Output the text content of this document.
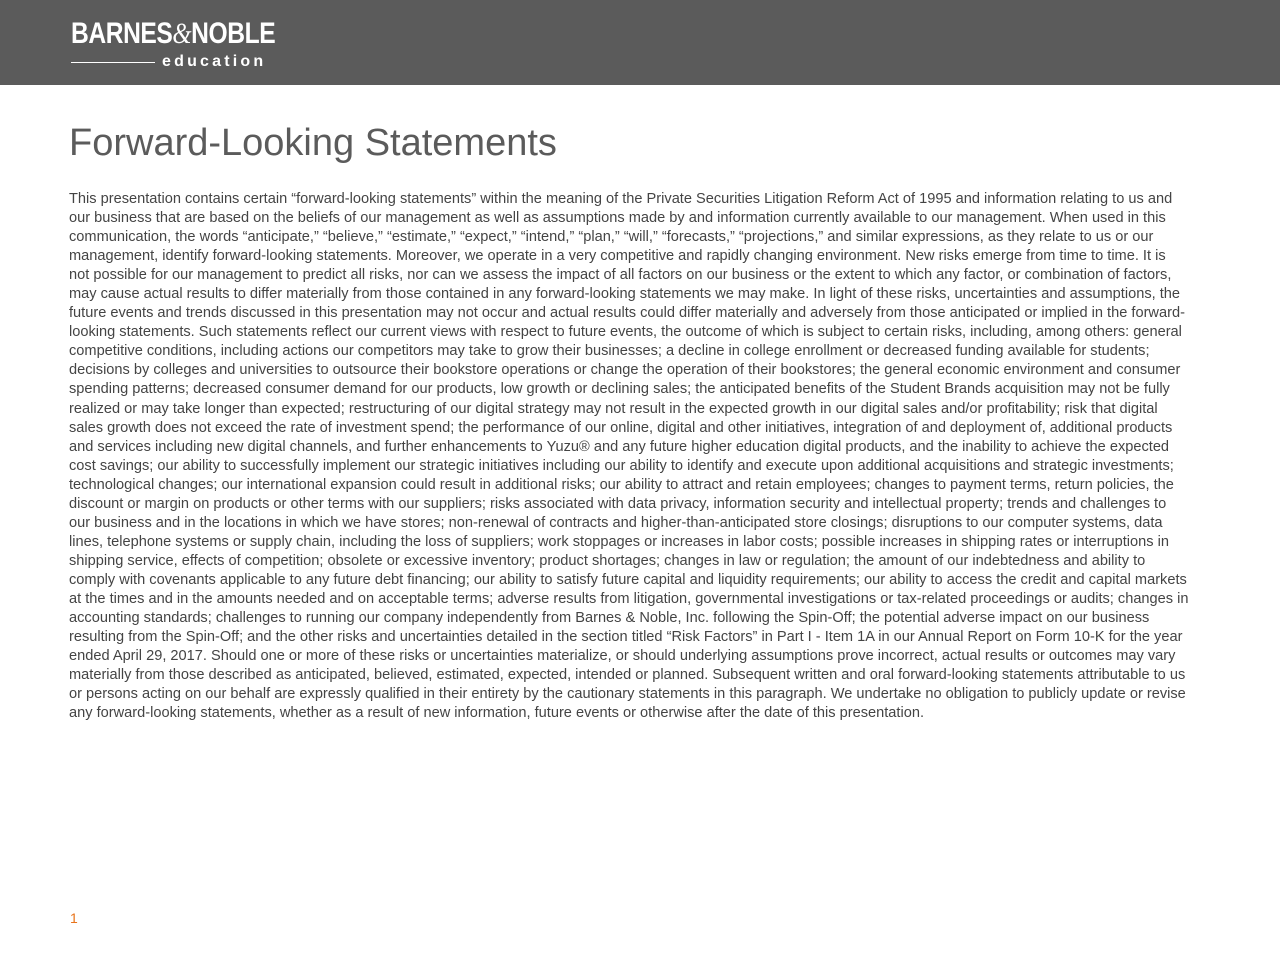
BARNES&NOBLE
education
Forward-Looking Statements

This presentation contains certain “forward-looking statements” within the meaning of the Private Securities Litigation Reform Act of 1995 and information relating to us and our business that are based on the beliefs of our management as well as assumptions made by and information currently available to our management. When used in this communication, the words “anticipate,” “believe,” “estimate,” “expect,” “intend,” “plan,” “will,” “forecasts,” “projections,” and similar expressions, as they relate to us or our management, identify forward-looking statements. Moreover, we operate in a very competitive and rapidly changing environment. New risks emerge from time to time. It is not possible for our management to predict all risks, nor can we assess the impact of all factors on our business or the extent to which any factor, or combination of factors, may cause actual results to differ materially from those contained in any forward-looking statements we may make. In light of these risks, uncertainties and assumptions, the future events and trends discussed in this presentation may not occur and actual results could differ materially and adversely from those anticipated or implied in the forward-looking statements. Such statements reflect our current views with respect to future events, the outcome of which is subject to certain risks, including, among others: general competitive conditions, including actions our competitors may take to grow their businesses; a decline in college enrollment or decreased funding available for students; decisions by colleges and universities to outsource their bookstore operations or change the operation of their bookstores; the general economic environment and consumer spending patterns; decreased consumer demand for our products, low growth or declining sales; the anticipated benefits of the Student Brands acquisition may not be fully realized or may take longer than expected; restructuring of our digital strategy may not result in the expected growth in our digital sales and/or profitability; risk that digital sales growth does not exceed the rate of investment spend; the performance of our online, digital and other initiatives, integration of and deployment of, additional products and services including new digital channels, and further enhancements to Yuzu® and any future higher education digital products, and the inability to achieve the expected cost savings; our ability to successfully implement our strategic initiatives including our ability to identify and execute upon additional acquisitions and strategic investments; technological changes; our international expansion could result in additional risks; our ability to attract and retain employees; changes to payment terms, return policies, the discount or margin on products or other terms with our suppliers; risks associated with data privacy, information security and intellectual property; trends and challenges to our business and in the locations in which we have stores; non-renewal of contracts and higher-than-anticipated store closings; disruptions to our computer systems, data lines, telephone systems or supply chain, including the loss of suppliers; work stoppages or increases in labor costs; possible increases in shipping rates or interruptions in shipping service, effects of competition; obsolete or excessive inventory; product shortages; changes in law or regulation; the amount of our indebtedness and ability to comply with covenants applicable to any future debt financing; our ability to satisfy future capital and liquidity requirements; our ability to access the credit and capital markets at the times and in the amounts needed and on acceptable terms; adverse results from litigation, governmental investigations or tax-related proceedings or audits; changes in accounting standards; challenges to running our company independently from Barnes & Noble, Inc. following the Spin-Off; the potential adverse impact on our business resulting from the Spin-Off; and the other risks and uncertainties detailed in the section titled “Risk Factors” in Part I - Item 1A in our Annual Report on Form 10-K for the year ended April 29, 2017. Should one or more of these risks or uncertainties materialize, or should underlying assumptions prove incorrect, actual results or outcomes may vary materially from those described as anticipated, believed, estimated, expected, intended or planned. Subsequent written and oral forward-looking statements attributable to us or persons acting on our behalf are expressly qualified in their entirety by the cautionary statements in this paragraph. We undertake no obligation to publicly update or revise any forward-looking statements, whether as a result of new information, future events or otherwise after the date of this presentation.

1
